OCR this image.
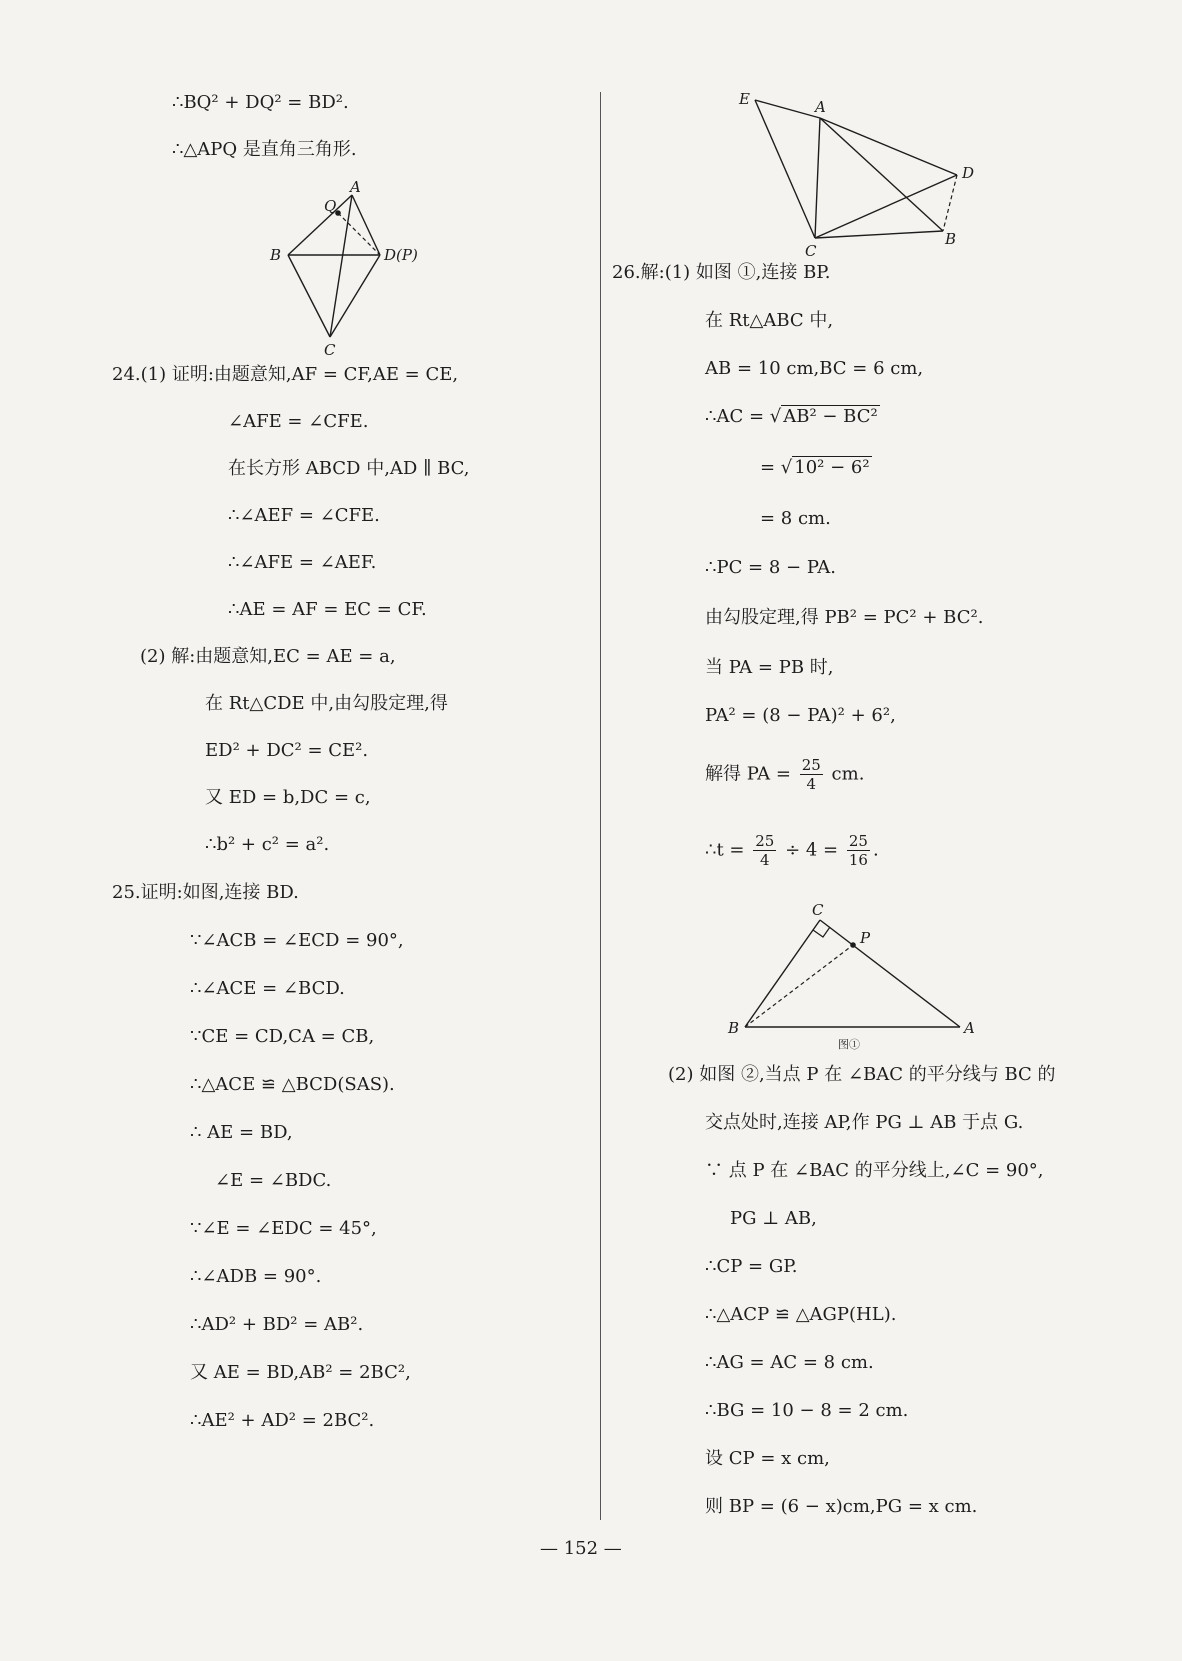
∴BQ² + DQ² = BD².
∴△APQ 是直角三角形.
Q
A
B	D(P)
C
24.(1) 证明:由题意知,AF = CF,AE = CE,
∠AFE = ∠CFE.
在长方形 ABCD 中,AD ∥ BC,
∴∠AEF = ∠CFE.
∴∠AFE = ∠AEF.
∴AE = AF = EC = CF.
(2) 解:由题意知,EC = AE = a,
在 Rt△CDE 中,由勾股定理,得
ED² + DC² = CE².
又 ED = b,DC = c,
∴b² + c² = a².
25.证明:如图,连接 BD.
∵∠ACB = ∠ECD = 90°,
∴∠ACE = ∠BCD.
∵CE = CD,CA = CB,
∴△ACE ≌ △BCD(SAS).
∴ AE = BD,
∠E = ∠BDC.
∵∠E = ∠EDC = 45°,
∴∠ADB = 90°.
∴AD² + BD² = AB².
又 AE = BD,AB² = 2BC²,
∴AE² + AD² = 2BC².
E	A
D
C
B
26.解:(1) 如图 ①,连接 BP.
在 Rt△ABC 中,
AB = 10 cm,BC = 6 cm,
∴AC = √ AB² − BC²
= √ 10² − 6²
= 8 cm.
∴PC = 8 − PA.
由勾股定理,得 PB² = PC² + BC².
当 PA = PB 时,
PA² = (8 − PA)² + 6²,
解得 PA = $\frac{25}{4}$ cm.
∴t = $\frac{25}{4} \div 4 = \frac{25}{16}$ .
C
P
B	A
图①
(2) 如图 ②,当点 P 在 ∠BAC 的平分线与 BC 的
交点处时,连接 AP,作 PG ⊥ AB 于点 G.
∵ 点 P 在 ∠BAC 的平分线上,∠C = 90°,
PG ⊥ AB,
∴CP = GP.
∴△ACP ≌ △AGP(HL).
∴AG = AC = 8 cm.
∴BG = 10 − 8 = 2 cm.
设 CP = x cm,
则 BP = (6 − x)cm,PG = x cm.
— 152 —
